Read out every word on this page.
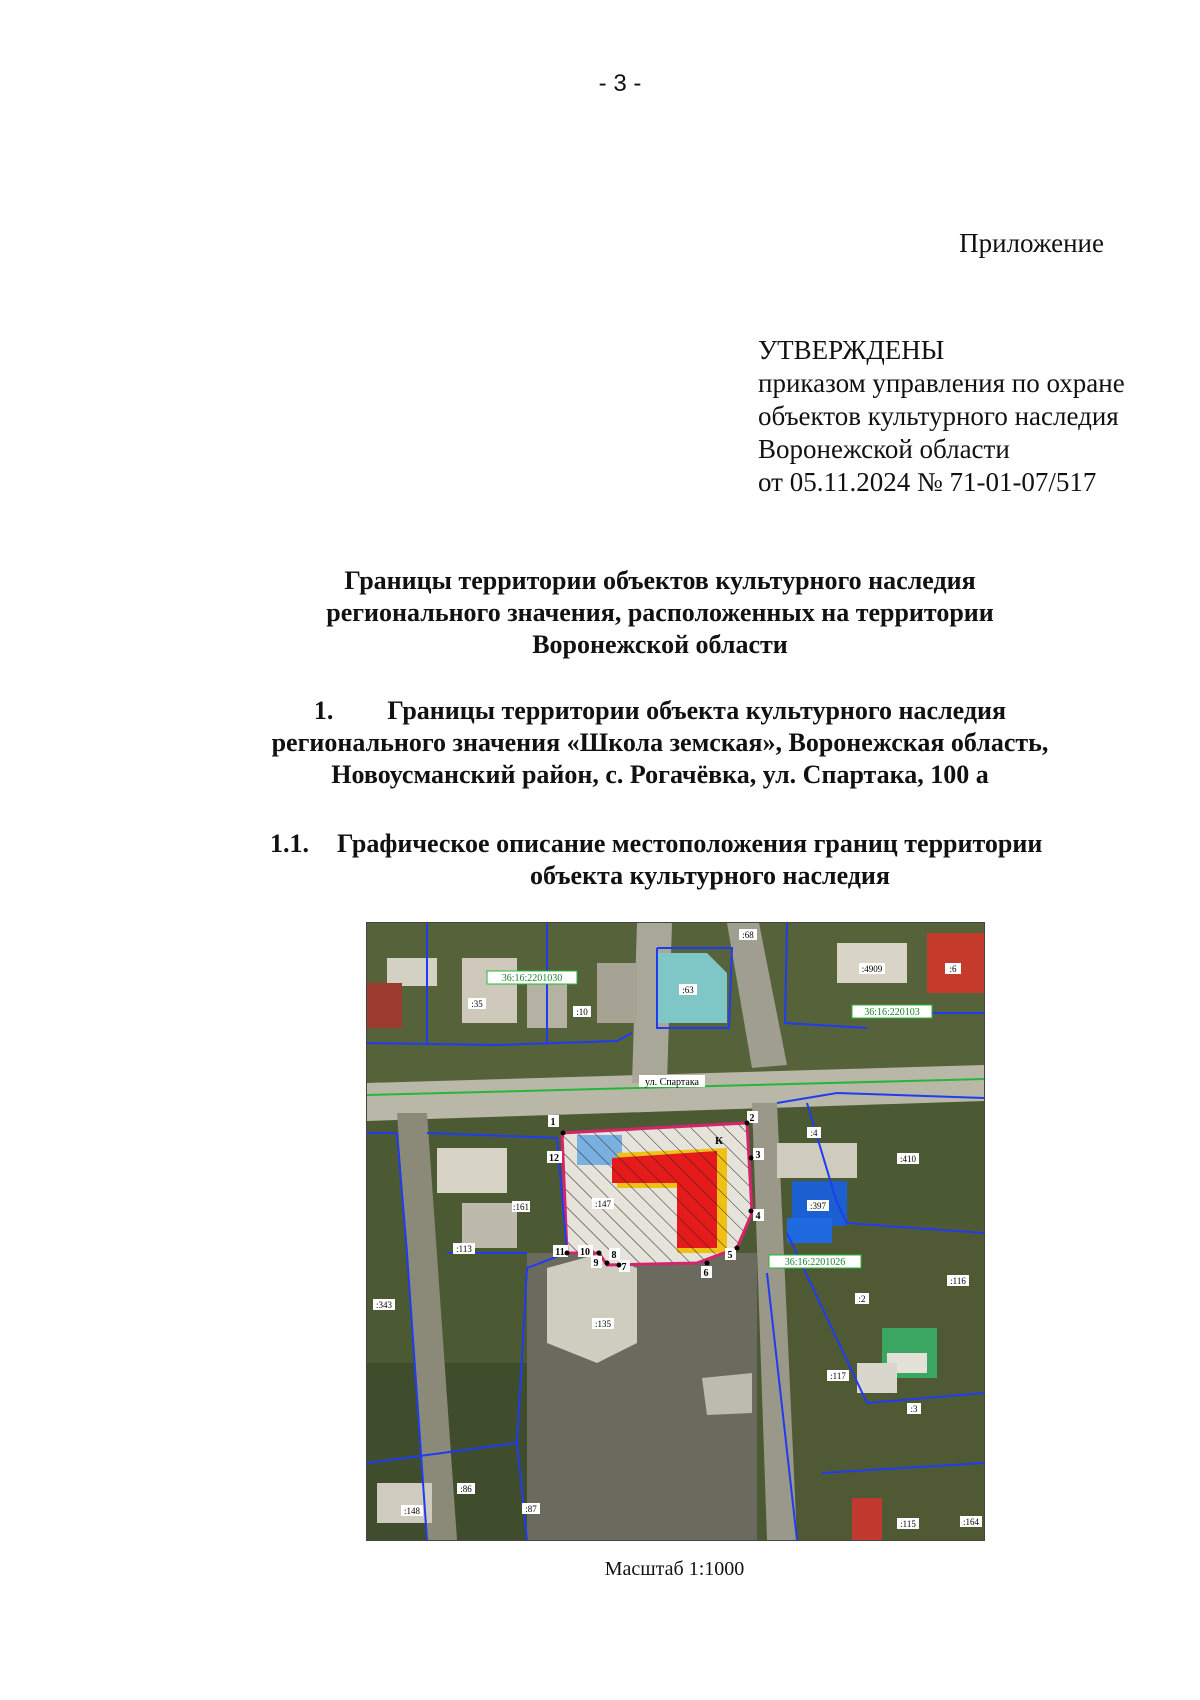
- 3 -
Приложение
УТВЕРЖДЕНЫ
приказом управления по охране
объектов культурного наследия
Воронежской области
от 05.11.2024 № 71-01-07/517
Границы территории объектов культурного наследия
регионального значения, расположенных на территории
Воронежской области
1. Границы территории объекта культурного наследия
регионального значения «Школа земская», Воронежская область,
Новоусманский район, с. Рогачёвка, ул. Спартака, 100 а
1.1. Графическое описание местоположения границ территории
объекта культурного наследия
ул. Спартака
36:16:2201030
36:16:220103
36:16:2201026
:68
:4909	:6
:35
:10
:63
:4
:410
:397
:161	:147
:113
:343
:116
:2
:135
:117
:3
:86
:87
:148
:115	:164
1	2
3
4
5
6
7
8
9
10
11
12
К
Масштаб 1:1000
